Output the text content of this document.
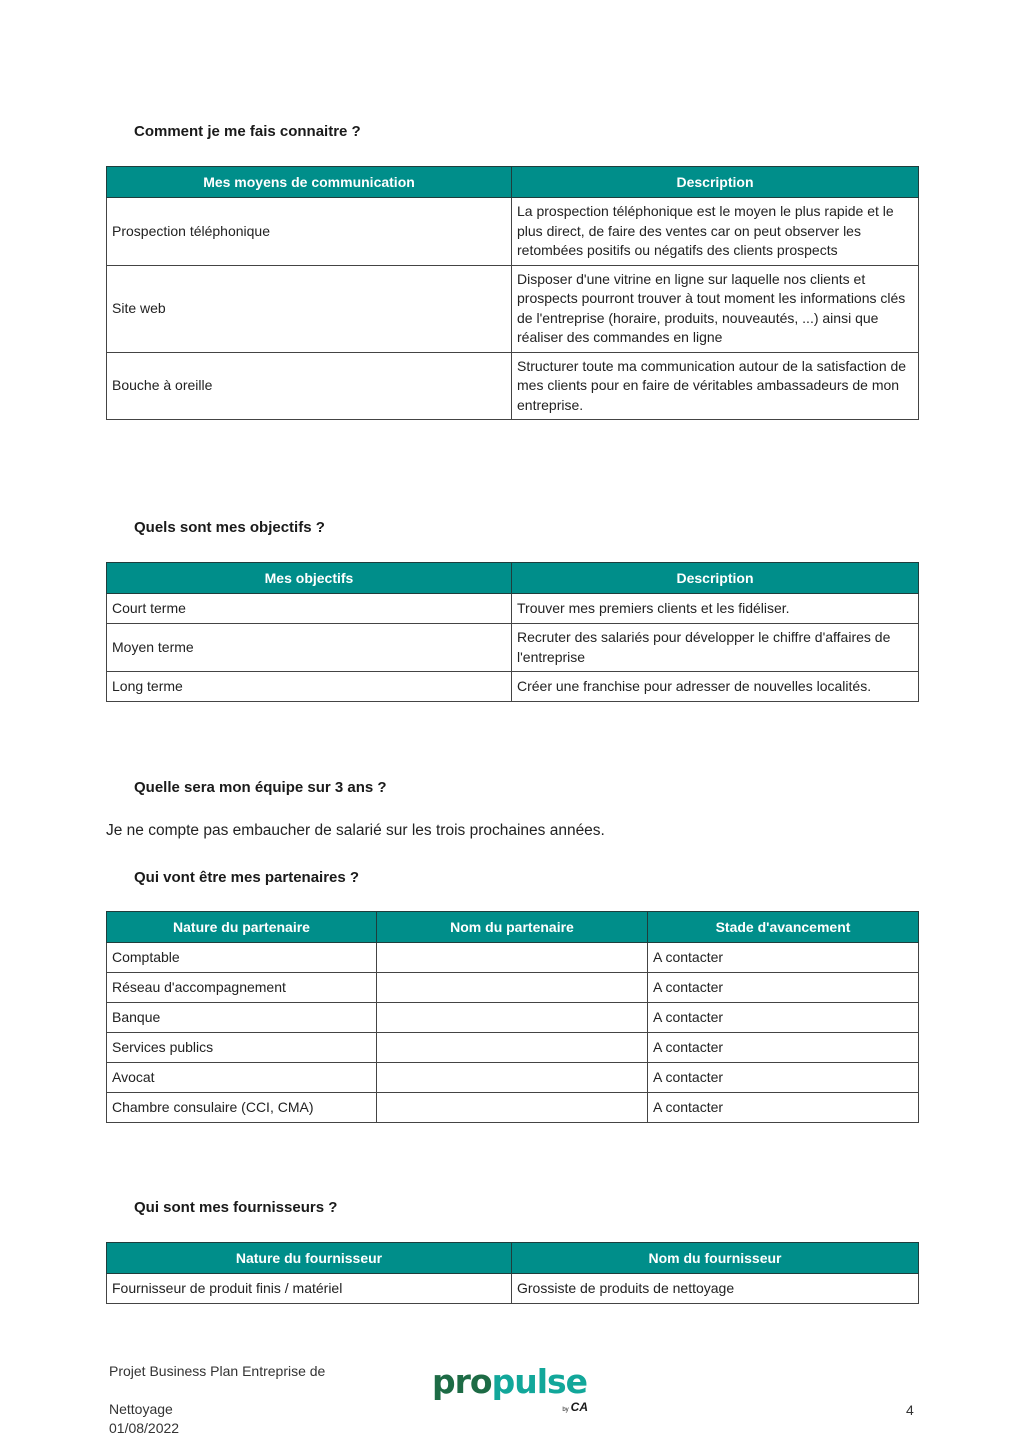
Comment je me fais connaitre ?
Mes moyens de communication	Description
Prospection téléphonique	La prospection téléphonique est le moyen le plus rapide et le plus direct, de faire des ventes car on peut observer les retombées positifs ou négatifs des clients prospects
Site web	Disposer d'une vitrine en ligne sur laquelle nos clients et prospects pourront trouver à tout moment les informations clés de l'entreprise (horaire, produits, nouveautés, ...) ainsi que réaliser des commandes en ligne
Bouche à oreille	Structurer toute ma communication autour de la satisfaction de mes clients pour en faire de véritables ambassadeurs de mon entreprise.
Quels sont mes objectifs ?
Mes objectifs	Description
Court terme	Trouver mes premiers clients et les fidéliser.
Moyen terme	Recruter des salariés pour développer le chiffre d'affaires de l'entreprise
Long terme	Créer une franchise pour adresser de nouvelles localités.
Quelle sera mon équipe sur 3 ans ?

Je ne compte pas embaucher de salarié sur les trois prochaines années.

Qui vont être mes partenaires ?
Nature du partenaire	Nom du partenaire	Stade d'avancement
Comptable		A contacter
Réseau d'accompagnement		A contacter
Banque		A contacter
Services publics		A contacter
Avocat		A contacter
Chambre consulaire (CCI, CMA)		A contacter
Qui sont mes fournisseurs ?
Nature du fournisseur	Nom du fournisseur
Fournisseur de produit finis / matériel	Grossiste de produits de nettoyage
Projet Business Plan Entreprise de
Nettoyage
01/08/2022
propulse
by CA	4
